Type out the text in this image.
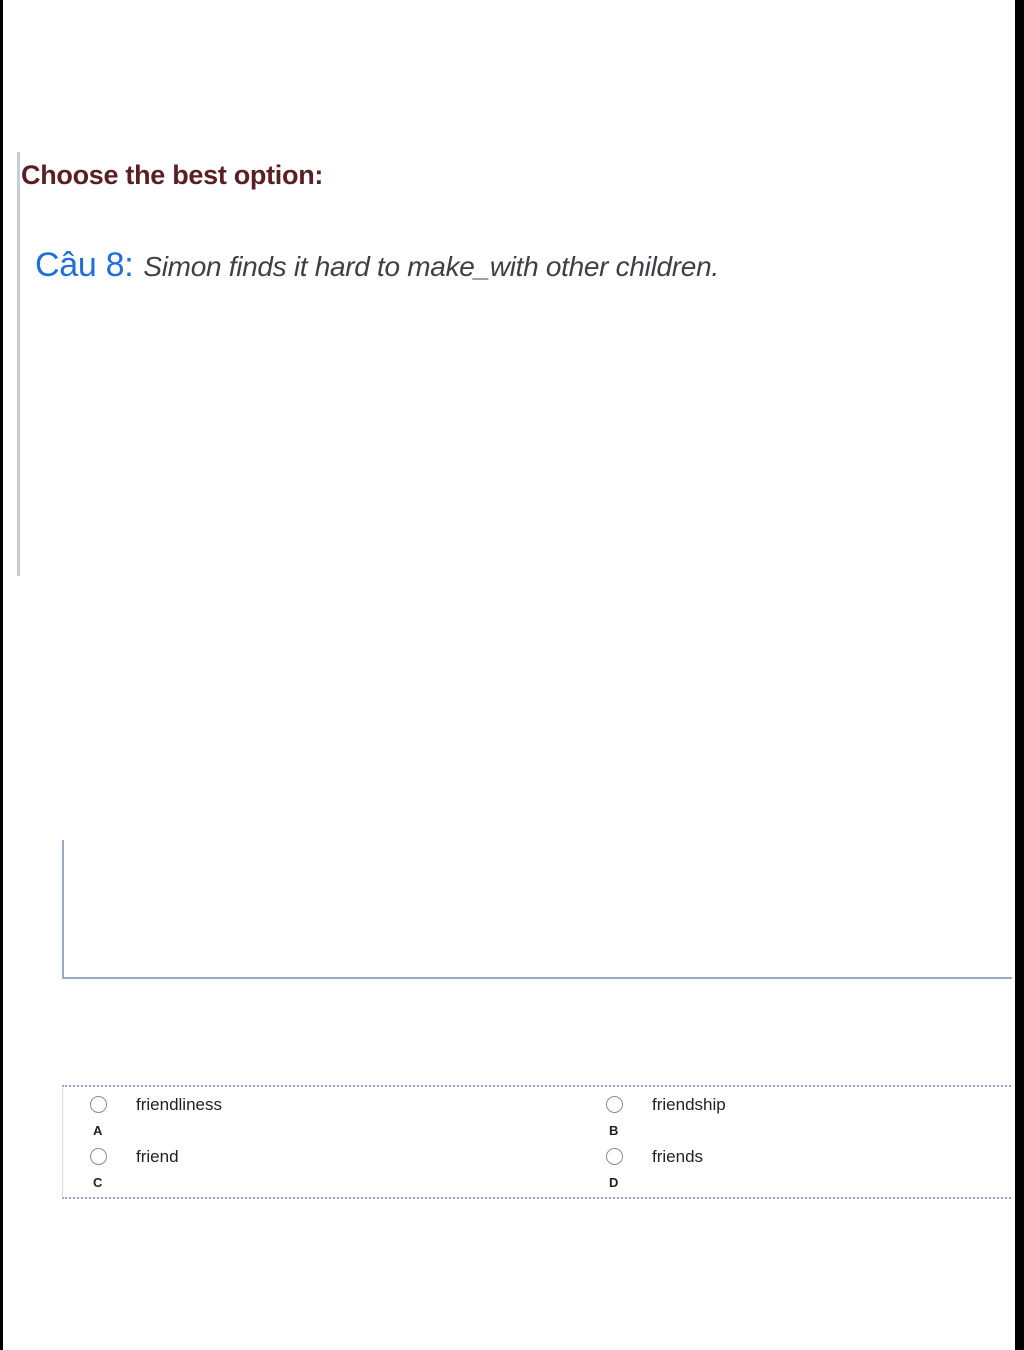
Choose the best option:

Câu 8: Simon finds it hard to make_with other children.

A
friendliness
B
friendship
C
friend
D
friends
